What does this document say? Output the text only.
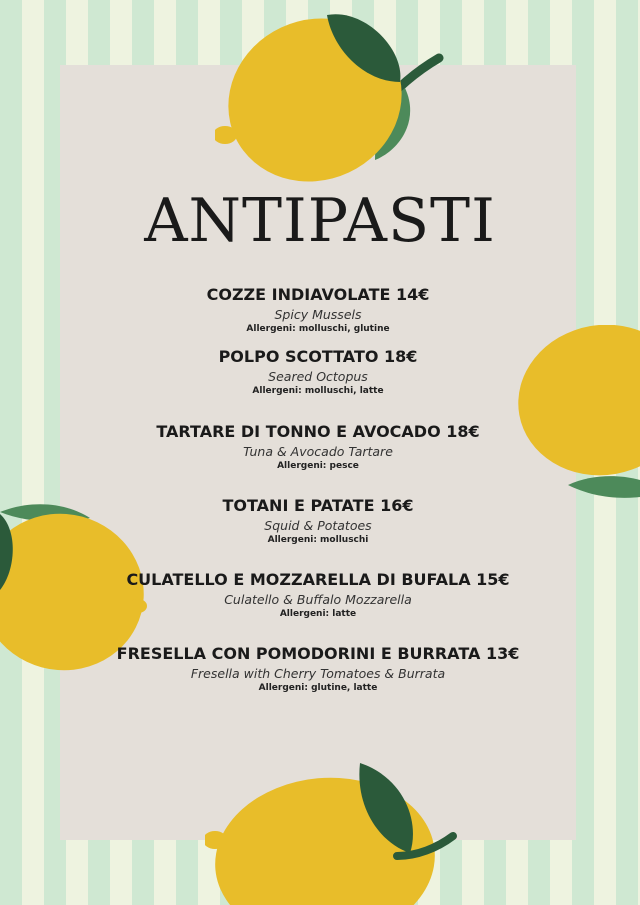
ANTIPASTI
COZZE INDIAVOLATE 14€
Spicy Mussels
Allergeni: molluschi, glutine
POLPO SCOTTATO 18€
Seared Octopus
Allergeni: molluschi, latte
TARTARE DI TONNO E AVOCADO 18€
Tuna & Avocado Tartare
Allergeni: pesce
TOTANI E PATATE 16€
Squid & Potatoes
Allergeni: molluschi
CULATELLO E MOZZARELLA DI BUFALA 15€
Culatello & Buffalo Mozzarella
Allergeni: latte
FRESELLA CON POMODORINI E BURRATA 13€
Fresella with Cherry Tomatoes & Burrata
Allergeni: glutine, latte
